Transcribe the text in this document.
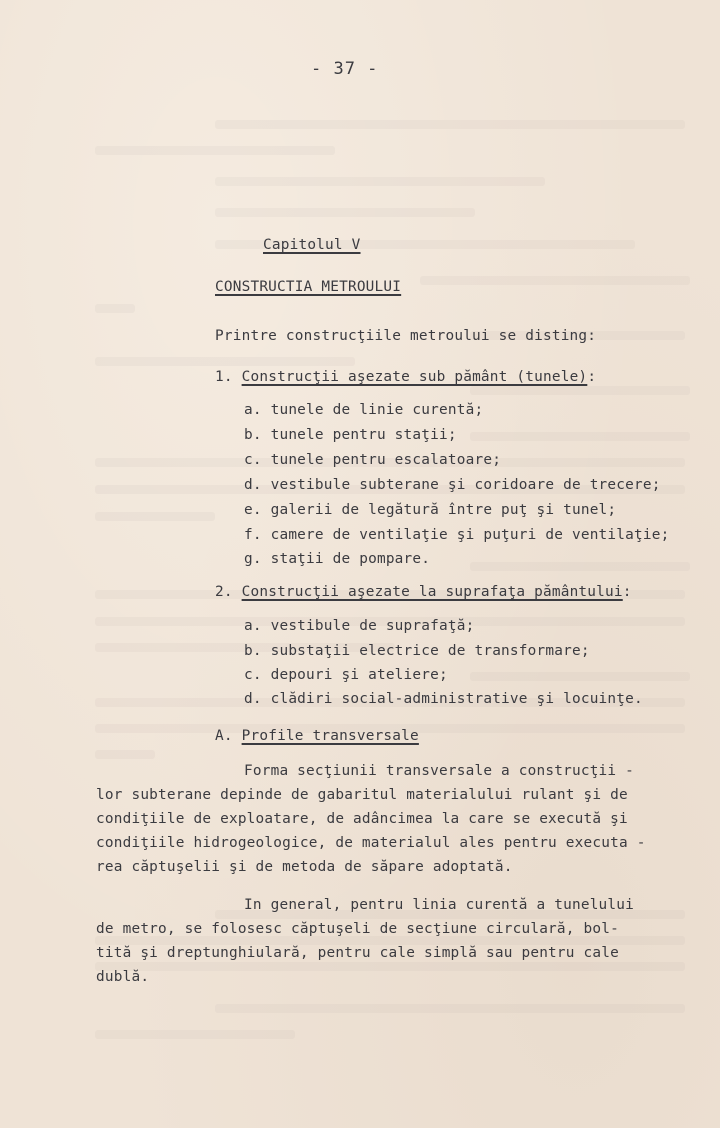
- 37 -
Capitolul V
CONSTRUCTIA METROULUI
Printre construcţiile metroului se disting:
1. Construcţii aşezate sub pământ (tunele):
a. tunele de linie curentă;
b. tunele pentru staţii;
c. tunele pentru escalatoare;
d. vestibule subterane şi coridoare de trecere;
e. galerii de legătură între puţ şi tunel;
f. camere de ventilaţie şi puţuri de ventilaţie;
g. staţii de pompare.
2. Construcţii aşezate la suprafaţa pământului:
a. vestibule de suprafaţă;
b. substaţii electrice de transformare;
c. depouri şi ateliere;
d. clădiri social-administrative şi locuinţe.
A. Profile transversale
Forma secţiunii transversale a construcţii -
lor subterane depinde de gabaritul materialului rulant şi de
condiţiile de exploatare, de adâncimea la care se execută şi
condiţiile hidrogeologice, de materialul ales pentru executa -
rea căptuşelii şi de metoda de săpare adoptată.
In general, pentru linia curentă a tunelului
de metro, se folosesc căptuşeli de secţiune circulară, bol-
tită şi dreptunghiulară, pentru cale simplă sau pentru cale
dublă.
